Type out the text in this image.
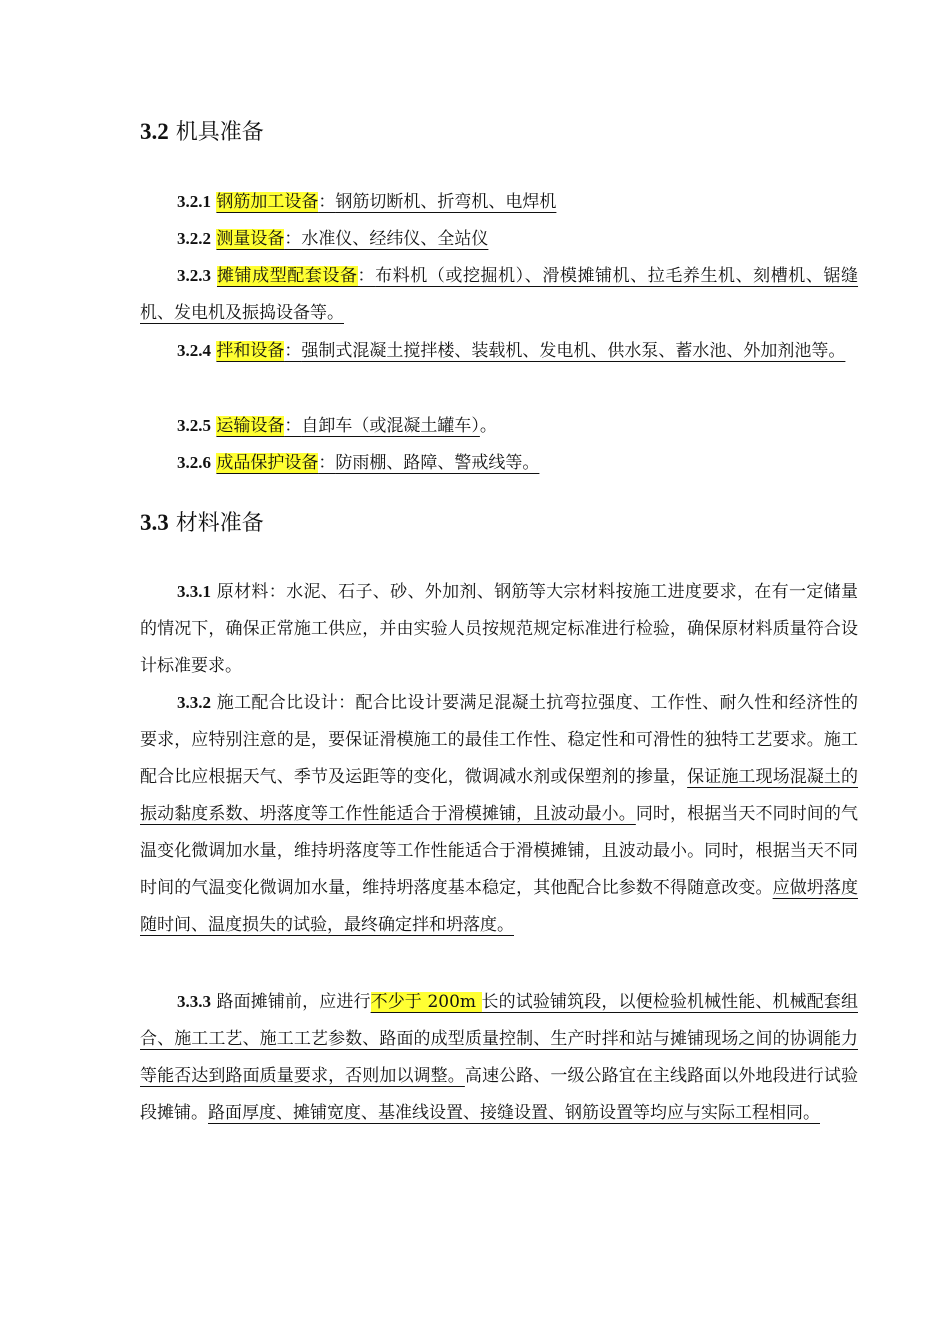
3.2 机具准备
3.2.1 钢筋加工设备：钢筋切断机、折弯机、电焊机
3.2.2 测量设备：水准仪、经纬仪、全站仪
3.2.3 摊铺成型配套设备：布料机（或挖掘机）、滑模摊铺机、拉毛养生机、刻槽机、锯缝机、发电机及振捣设备等。
3.2.4 拌和设备：强制式混凝土搅拌楼、装载机、发电机、供水泵、蓄水池、外加剂池等。
3.2.5 运输设备：自卸车（或混凝土罐车）。
3.2.6 成品保护设备：防雨棚、路障、警戒线等。
3.3 材料准备
3.3.1 原材料：水泥、石子、砂、外加剂、钢筋等大宗材料按施工进度要求，在有一定储量的情况下，确保正常施工供应，并由实验人员按规范规定标准进行检验，确保原材料质量符合设计标准要求。
3.3.2 施工配合比设计：配合比设计要满足混凝土抗弯拉强度、工作性、耐久性和经济性的要求，应特别注意的是，要保证滑模施工的最佳工作性、稳定性和可滑性的独特工艺要求。施工配合比应根据天气、季节及运距等的变化，微调减水剂或保塑剂的掺量，保证施工现场混凝土的振动黏度系数、坍落度等工作性能适合于滑模摊铺，且波动最小。同时，根据当天不同时间的气温变化微调加水量，维持坍落度等工作性能适合于滑模摊铺，且波动最小。同时，根据当天不同时间的气温变化微调加水量，维持坍落度基本稳定，其他配合比参数不得随意改变。应做坍落度随时间、温度损失的试验，最终确定拌和坍落度。
3.3.3 路面摊铺前，应进行不少于 200m 长的试验铺筑段，以便检验机械性能、机械配套组合、施工工艺、施工工艺参数、路面的成型质量控制、生产时拌和站与摊铺现场之间的协调能力等能否达到路面质量要求，否则加以调整。高速公路、一级公路宜在主线路面以外地段进行试验段摊铺。路面厚度、摊铺宽度、基准线设置、接缝设置、钢筋设置等均应与实际工程相同。
